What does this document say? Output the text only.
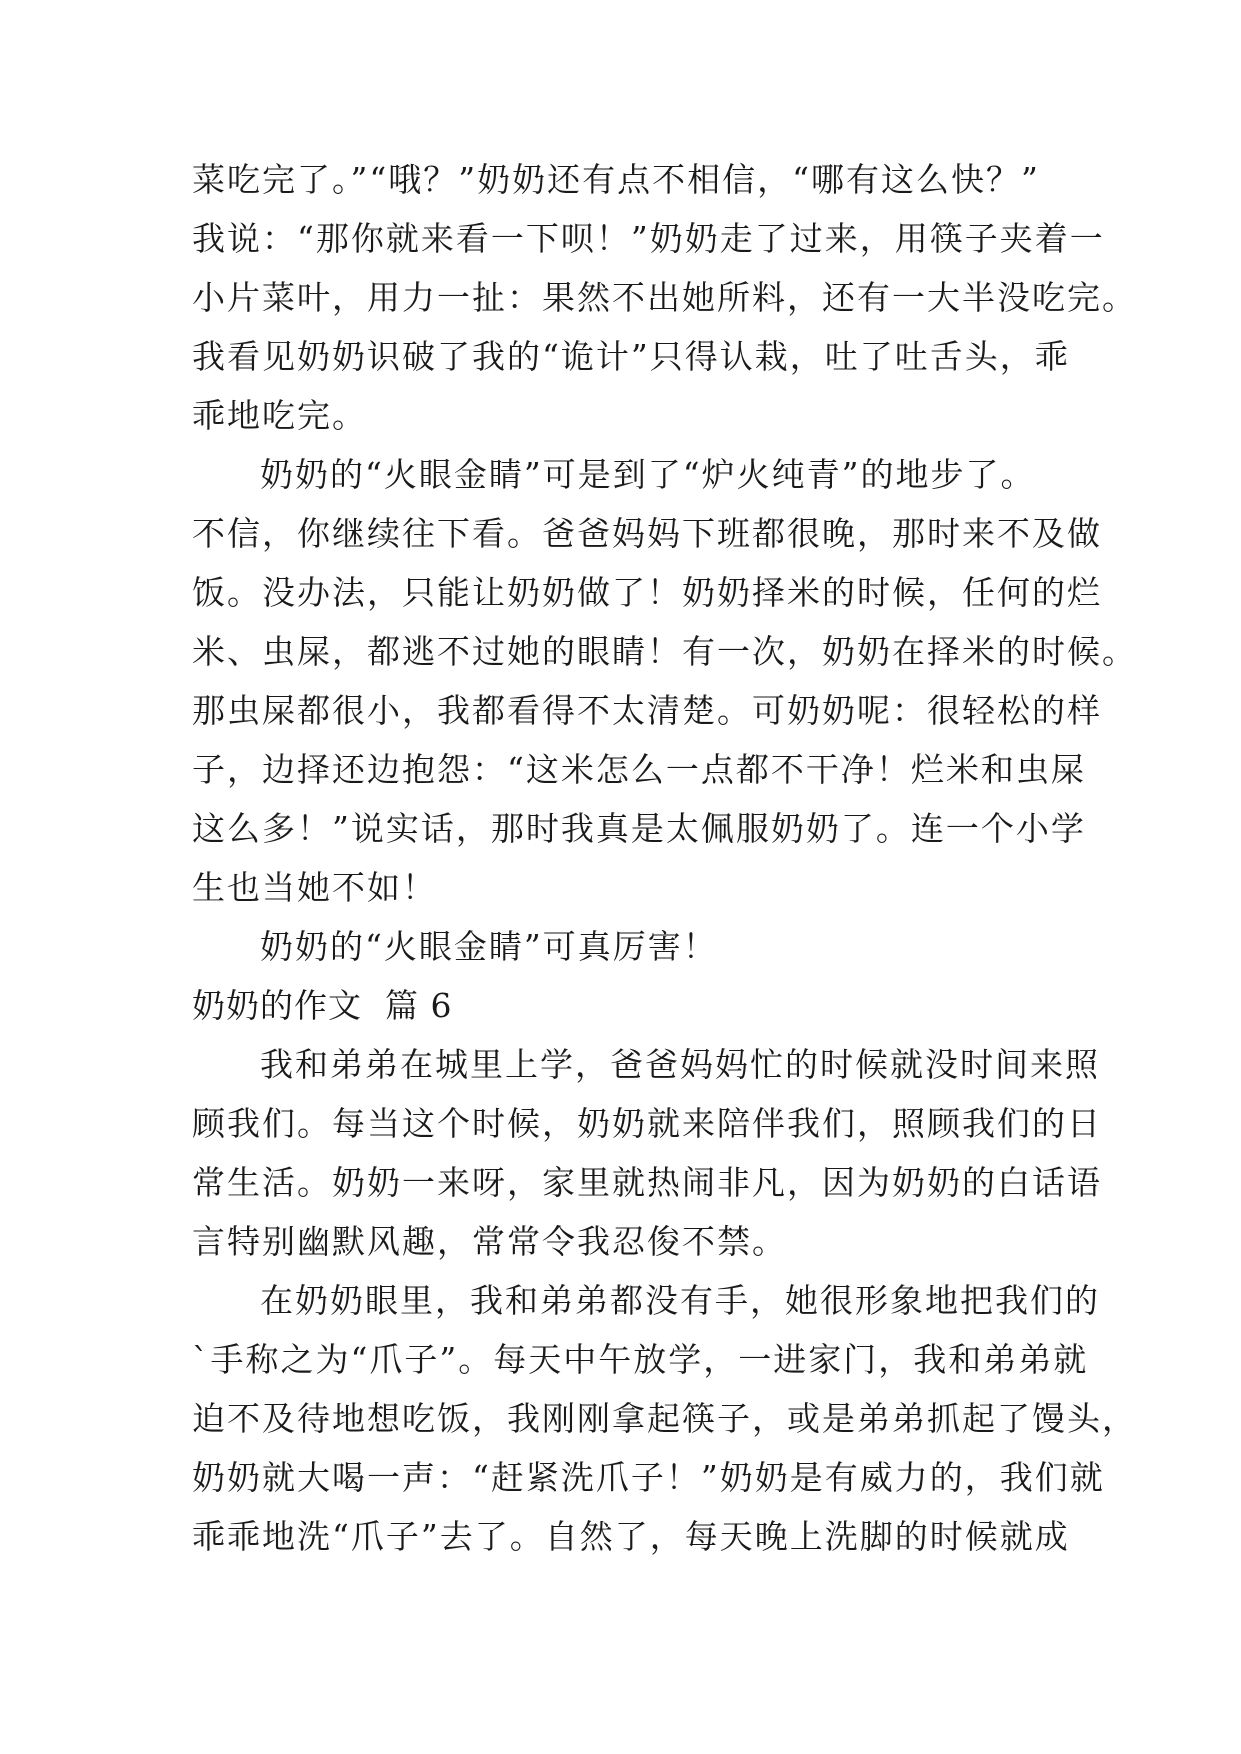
菜吃完了。”“哦？”奶奶还有点不相信，“哪有这么快？”
我说：“那你就来看一下呗！”奶奶走了过来，用筷子夹着一
小片菜叶，用力一扯：果然不出她所料，还有一大半没吃完。
我看见奶奶识破了我的“诡计”只得认栽，吐了吐舌头，乖
乖地吃完。
奶奶的“火眼金睛”可是到了“炉火纯青”的地步了。
不信，你继续往下看。爸爸妈妈下班都很晚，那时来不及做
饭。没办法，只能让奶奶做了！奶奶择米的时候，任何的烂
米、虫屎，都逃不过她的眼睛！有一次，奶奶在择米的时候。
那虫屎都很小，我都看得不太清楚。可奶奶呢：很轻松的样
子，边择还边抱怨：“这米怎么一点都不干净！烂米和虫屎
这么多！”说实话，那时我真是太佩服奶奶了。连一个小学
生也当她不如！
奶奶的“火眼金睛”可真厉害！
奶奶的作文  篇 6
我和弟弟在城里上学，爸爸妈妈忙的时候就没时间来照
顾我们。每当这个时候，奶奶就来陪伴我们，照顾我们的日
常生活。奶奶一来呀，家里就热闹非凡，因为奶奶的白话语
言特别幽默风趣，常常令我忍俊不禁。
在奶奶眼里，我和弟弟都没有手，她很形象地把我们的
`手称之为“爪子”。每天中午放学，一进家门，我和弟弟就
迫不及待地想吃饭，我刚刚拿起筷子，或是弟弟抓起了馒头，
奶奶就大喝一声：“赶紧洗爪子！”奶奶是有威力的，我们就
乖乖地洗“爪子”去了。自然了，每天晚上洗脚的时候就成
